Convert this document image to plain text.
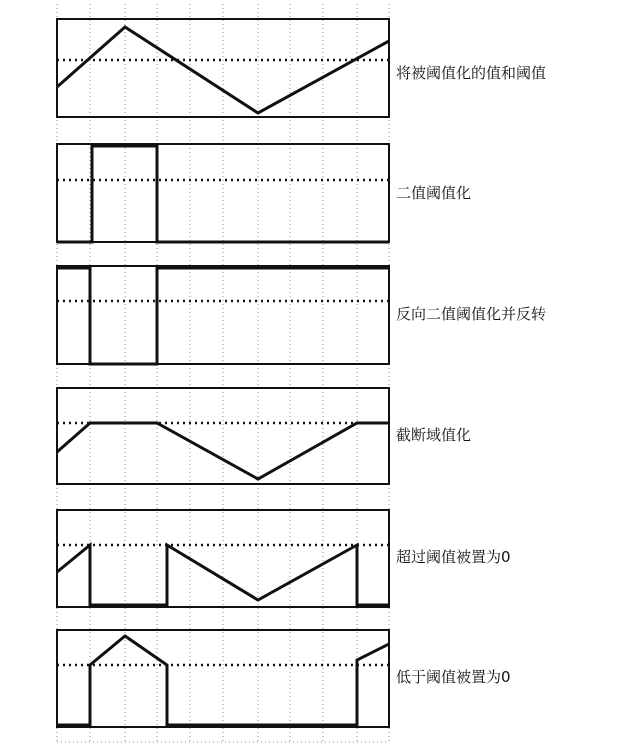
将被阈值化的值和阈值

二值阈值化

反向二值阈值化并反转

截断域值化

超过阈值被置为0

低于阈值被置为0
